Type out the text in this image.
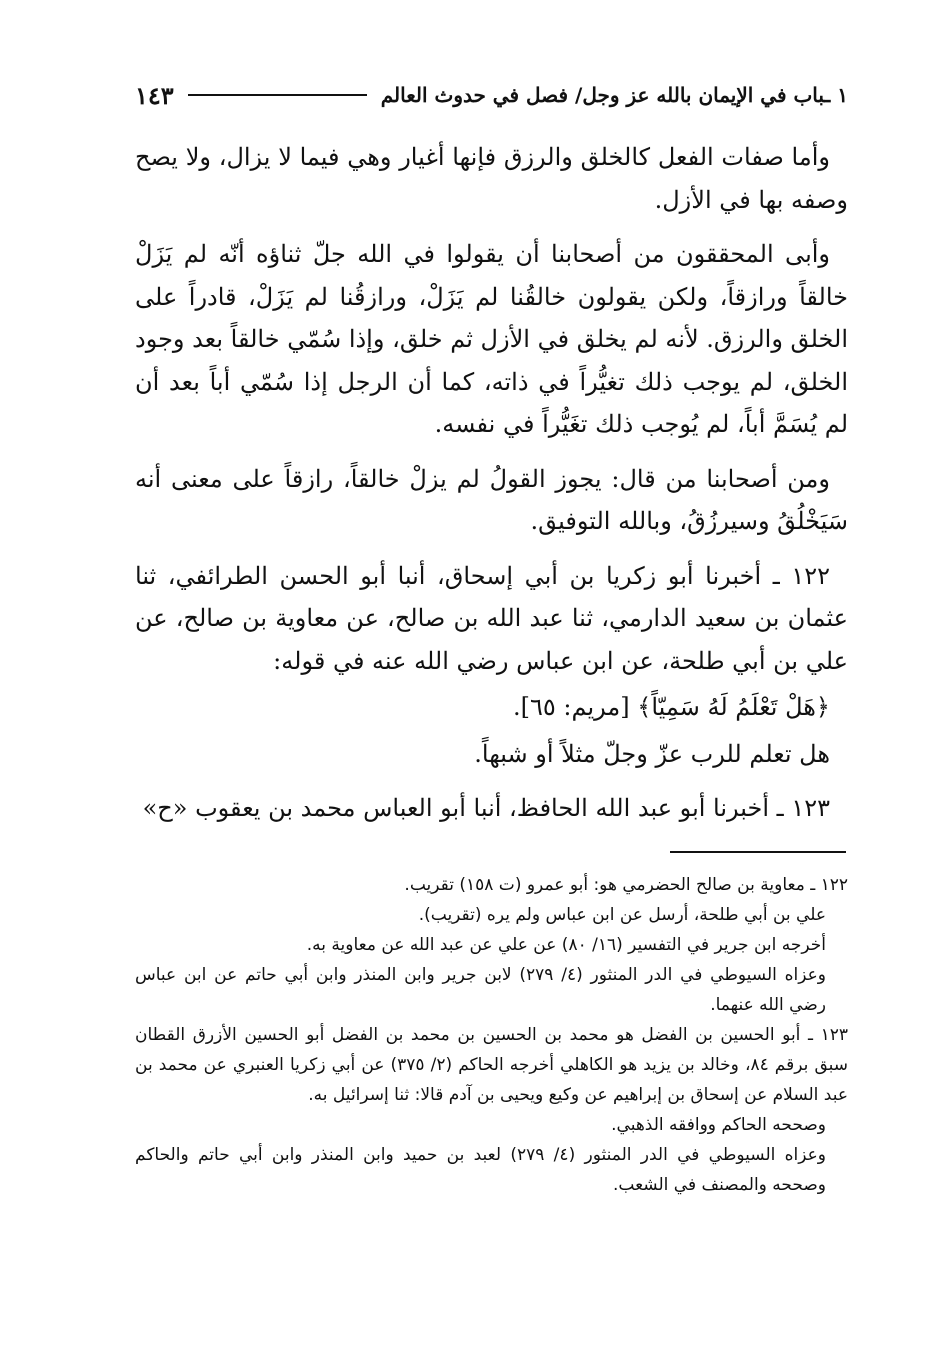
١ ـباب في الإيمان بالله عز وجل/ فصل في حدوث العالم
١٤٣

وأما صفات الفعل كالخلق والرزق فإنها أغيار وهي فيما لا يزال، ولا يصح وصفه بها في الأزل.

وأبى المحققون من أصحابنا أن يقولوا في الله جلّ ثناؤه أنّه لم يَزَلْ خالقاً ورازقاً، ولكن يقولون خالقُنا لم يَزَلْ، ورازقُنا لم يَزَلْ، قادراً على الخلق والرزق. لأنه لم يخلق في الأزل ثم خلق، وإذا سُمّي خالقاً بعد وجود الخلق، لم يوجب ذلك تغيُّراً في ذاته، كما أن الرجل إذا سُمّي أباً بعد أن لم يُسَمَّ أباً، لم يُوجب ذلك تغَيُّراً في نفسه.

ومن أصحابنا من قال: يجوز القولُ لم يزلْ خالقاً، رازقاً على معنى أنه سَيَخْلُقُ وسيرزُقُ، وبالله التوفيق.

١٢٢ ـ أخبرنا أبو زكريا بن أبي إسحاق، أنبا أبو الحسن الطرائفي، ثنا عثمان بن سعيد الدارمي، ثنا عبد الله بن صالح، عن معاوية بن صالح، عن علي بن أبي طلحة، عن ابن عباس رضي الله عنه في قوله:

﴿هَلْ تَعْلَمُ لَهُ سَمِيّاً﴾ [مريم: ٦٥].

هل تعلم للرب عزّ وجلّ مثلاً أو شبهاً.

١٢٣ ـ أخبرنا أبو عبد الله الحافظ، أنبا أبو العباس محمد بن يعقوب «ح»

١٢٢ ـ معاوية بن صالح الحضرمي هو: أبو عمرو (ت ١٥٨) تقريب.

علي بن أبي طلحة، أرسل عن ابن عباس ولم يره (تقريب).

أخرجه ابن جرير في التفسير (١٦/ ٨٠) عن علي عن عبد الله عن معاوية به.

وعزاه السيوطي في الدر المنثور (٤/ ٢٧٩) لابن جرير وابن المنذر وابن أبي حاتم عن ابن عباس رضي الله عنهما.

١٢٣ ـ أبو الحسين بن الفضل هو محمد بن الحسين بن محمد بن الفضل أبو الحسين الأزرق القطان سبق برقم ٨٤، وخالد بن يزيد هو الكاهلي أخرجه الحاكم (٢/ ٣٧٥) عن أبي زكريا العنبري عن محمد بن عبد السلام عن إسحاق بن إبراهيم عن وكيع ويحيى بن آدم قالا: ثنا إسرائيل به.

وصححه الحاكم ووافقه الذهبي.

وعزاه السيوطي في الدر المنثور (٤/ ٢٧٩) لعبد بن حميد وابن المنذر وابن أبي حاتم والحاكم وصححه والمصنف في الشعب.
